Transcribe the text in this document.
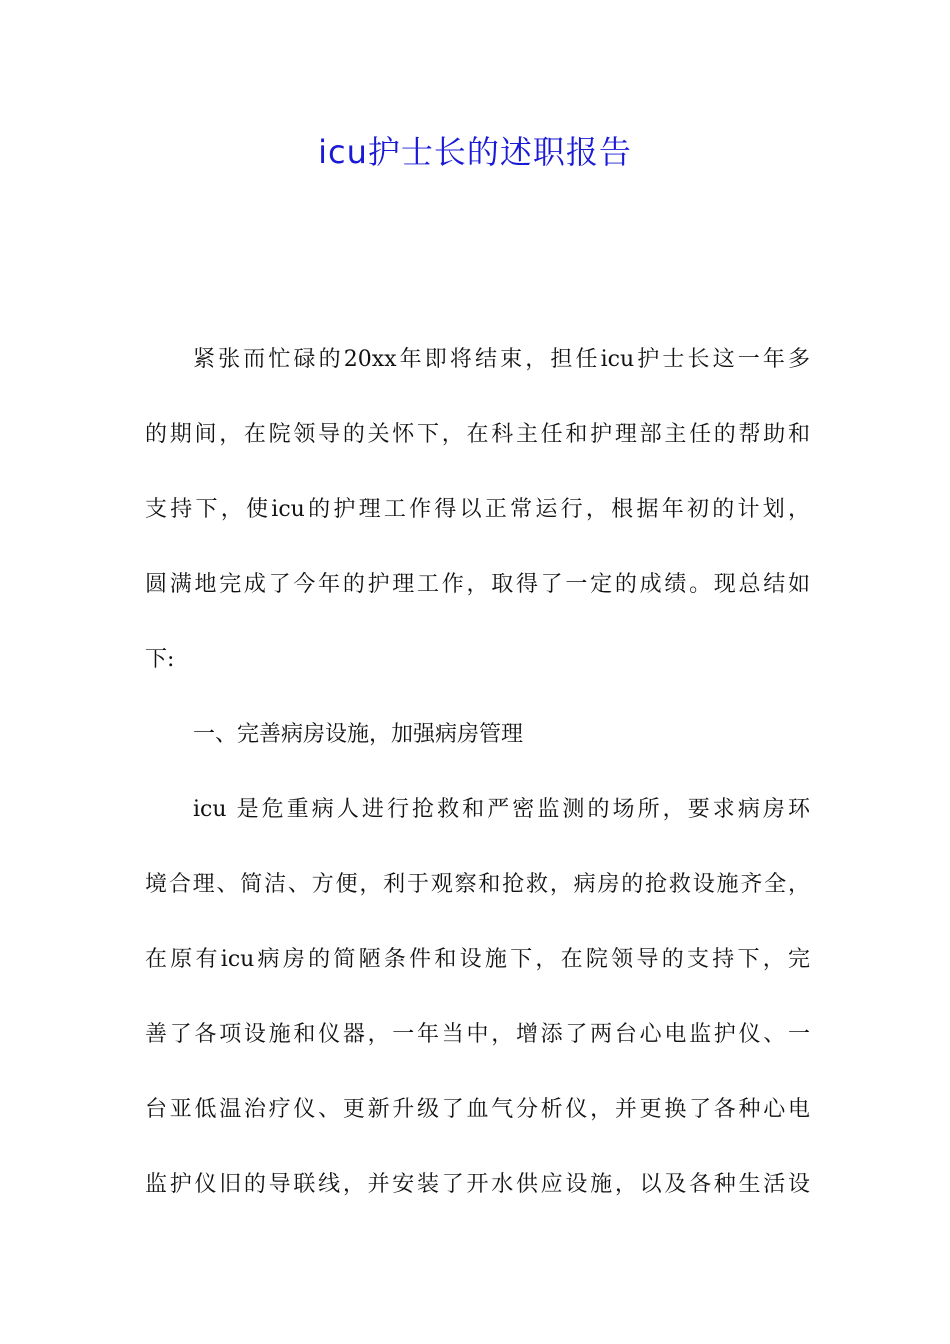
icu护士长的述职报告
紧张而忙碌的20xx年即将结束，担任icu护士长这一年多
的期间，在院领导的关怀下，在科主任和护理部主任的帮助和
支持下，使icu的护理工作得以正常运行，根据年初的计划，
圆满地完成了今年的护理工作，取得了一定的成绩。现总结如
下:
一、完善病房设施，加强病房管理
icu 是危重病人进行抢救和严密监测的场所，要求病房环
境合理、简洁、方便，利于观察和抢救，病房的抢救设施齐全，
在原有icu病房的简陋条件和设施下，在院领导的支持下，完
善了各项设施和仪器，一年当中，增添了两台心电监护仪、一
台亚低温治疗仪、更新升级了血气分析仪，并更换了各种心电
监护仪旧的导联线，并安装了开水供应设施，以及各种生活设
